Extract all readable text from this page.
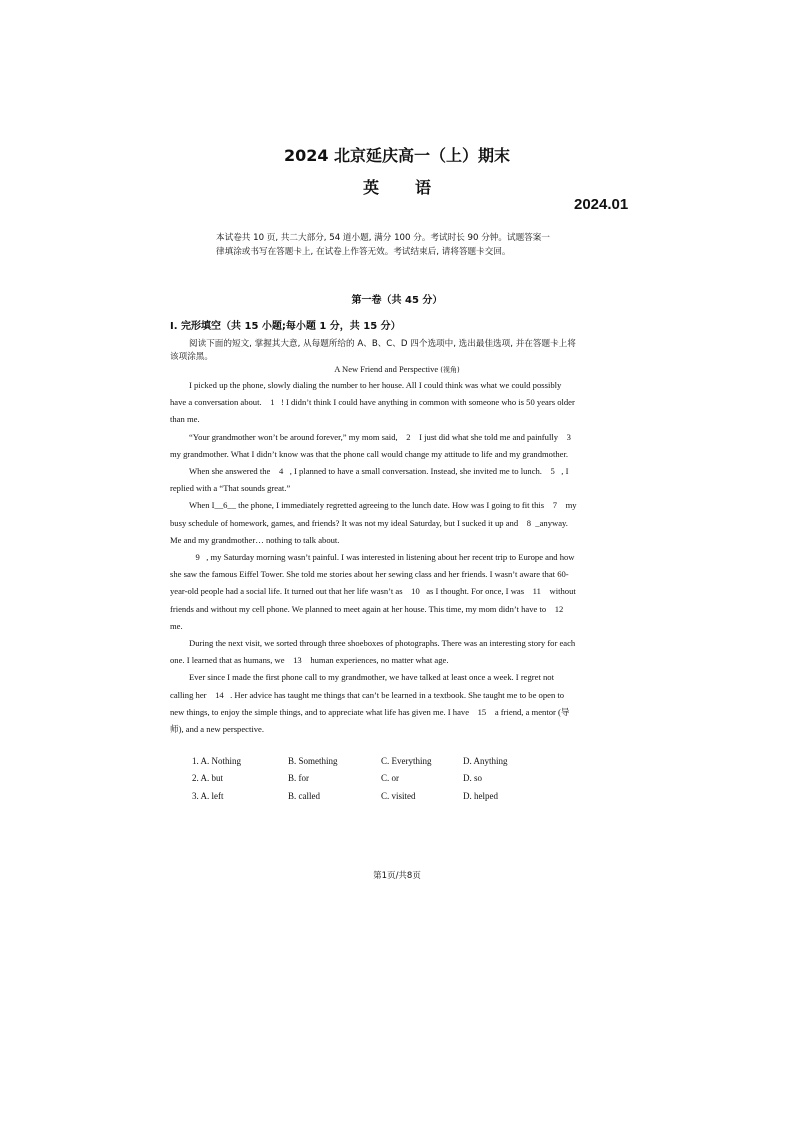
2024 北京延庆高一（上）期末
英语
2024.01
本试卷共 10 页, 共二大部分, 54 道小题, 满分 100 分。考试时长 90 分钟。试题答案一
律填涂或书写在答题卡上, 在试卷上作答无效。考试结束后, 请将答题卡交回。
第一卷（共 45 分）
I. 完形填空（共 15 小题;每小题 1 分，共 15 分）
阅读下面的短文, 掌握其大意, 从每题所给的 A、B、C、D 四个选项中, 选出最佳选项, 并在答题卡上将
该项涂黑。
A New Friend and Perspective (视角)
I picked up the phone, slowly dialing the number to her house. All I could think was what we could possibly
have a conversation about.    1   ! I didn’t think I could have anything in common with someone who is 50 years older
than me.
“Your grandmother won’t be around forever,” my mom said,    2    I just did what she told me and painfully    3
my grandmother. What I didn’t know was that the phone call would change my attitude to life and my grandmother.
When she answered the    4   , I planned to have a small conversation. Instead, she invited me to lunch.    5   , I
replied with a “That sounds great.”
When I__6__ the phone, I immediately regretted agreeing to the lunch date. How was I going to fit this    7    my
busy schedule of homework, games, and friends? It was not my ideal Saturday, but I sucked it up and    8  _anyway.
Me and my grandmother… nothing to talk about.
9   , my Saturday morning wasn’t painful. I was interested in listening about her recent trip to Europe and how
she saw the famous Eiffel Tower. She told me stories about her sewing class and her friends. I wasn’t aware that 60-
year-old people had a social life. It turned out that her life wasn’t as    10   as I thought. For once, I was    11    without
friends and without my cell phone. We planned to meet again at her house. This time, my mom didn’t have to    12
me.
During the next visit, we sorted through three shoeboxes of photographs. There was an interesting story for each
one. I learned that as humans, we    13    human experiences, no matter what age.
Ever since I made the first phone call to my grandmother, we have talked at least once a week. I regret not
calling her    14   . Her advice has taught me things that can’t be learned in a textbook. She taught me to be open to
new things, to enjoy the simple things, and to appreciate what life has given me. I have    15    a friend, a mentor (导
师), and a new perspective.
1. A. Nothing	B. Something	C. Everything	D. Anything
2. A. but	B. for	C. or	D. so
3. A. left	B. called	C. visited	D. helped
第1页/共8页
